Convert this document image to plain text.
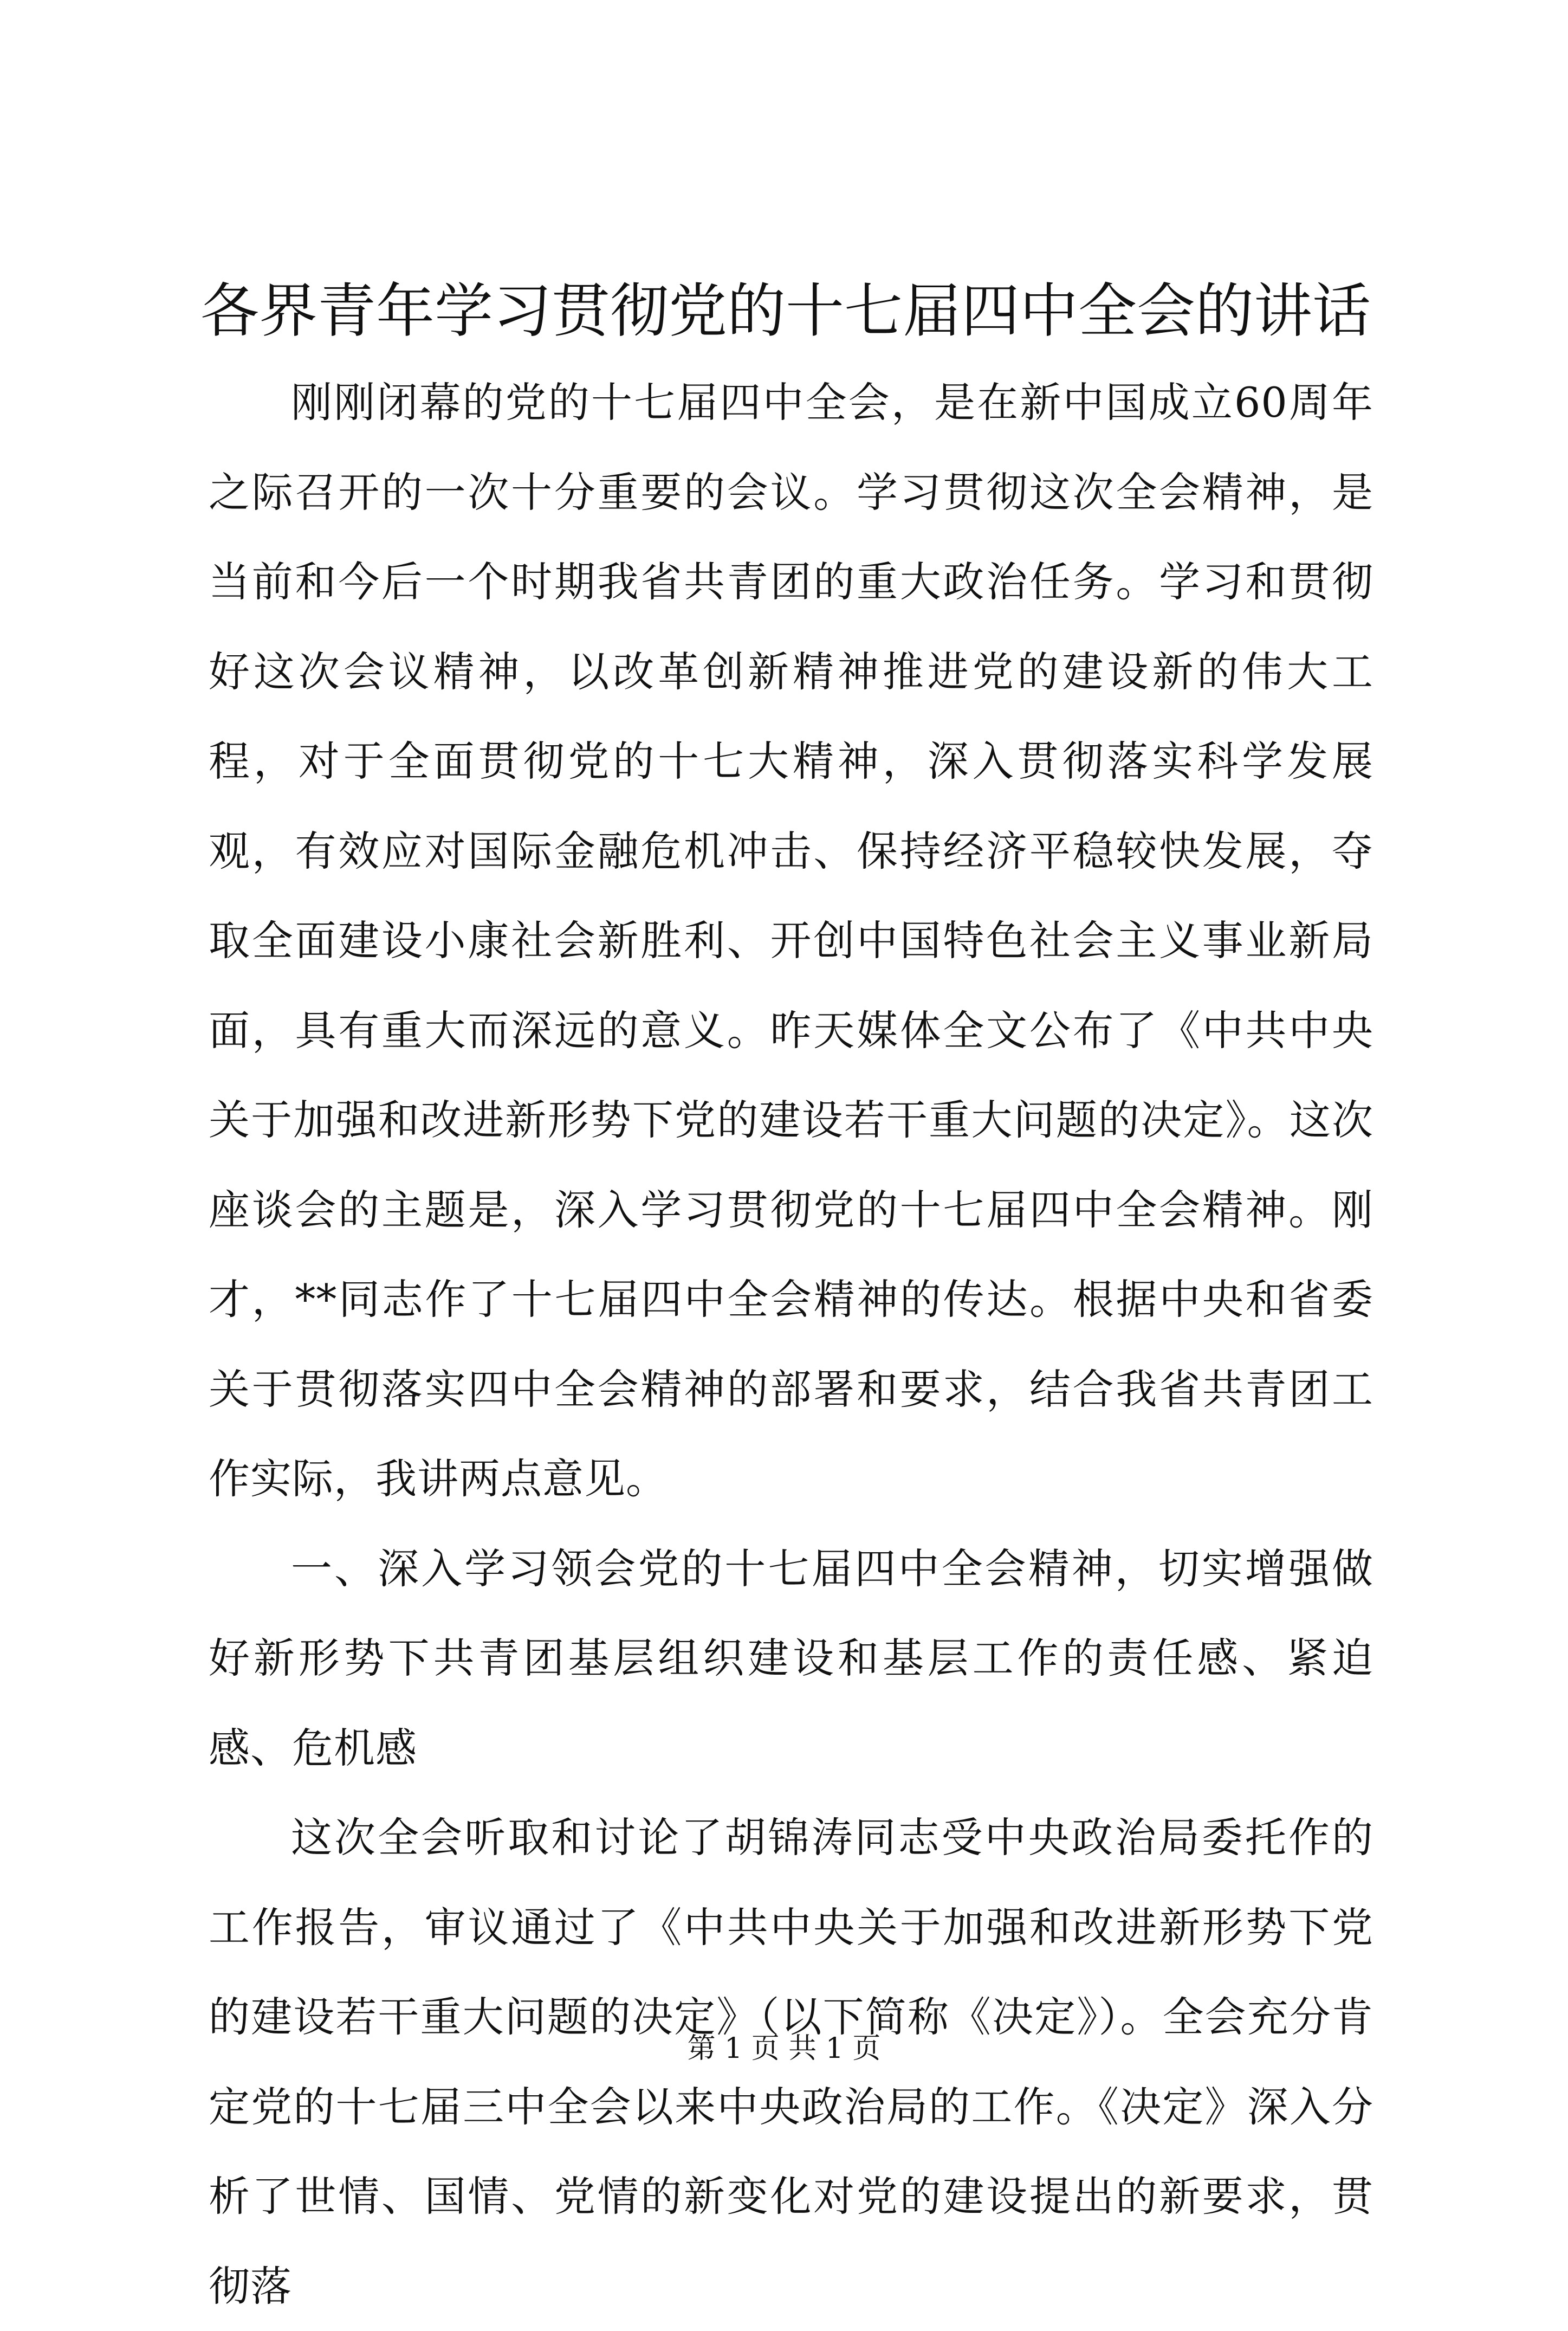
各界青年学习贯彻党的十七届四中全会的讲话

刚刚闭幕的党的十七届四中全会，是在新中国成立60周年之际召开的一次十分重要的会议。学习贯彻这次全会精神，是当前和今后一个时期我省共青团的重大政治任务。学习和贯彻好这次会议精神，以改革创新精神推进党的建设新的伟大工程，对于全面贯彻党的十七大精神，深入贯彻落实科学发展观，有效应对国际金融危机冲击、保持经济平稳较快发展，夺取全面建设小康社会新胜利、开创中国特色社会主义事业新局面，具有重大而深远的意义。昨天媒体全文公布了《中共中央关于加强和改进新形势下党的建设若干重大问题的决定》。这次座谈会的主题是，深入学习贯彻党的十七届四中全会精神。刚才，**同志作了十七届四中全会精神的传达。根据中央和省委关于贯彻落实四中全会精神的部署和要求，结合我省共青团工作实际，我讲两点意见。

一、深入学习领会党的十七届四中全会精神，切实增强做好新形势下共青团基层组织建设和基层工作的责任感、紧迫感、危机感

这次全会听取和讨论了胡锦涛同志受中央政治局委托作的工作报告，审议通过了《中共中央关于加强和改进新形势下党的建设若干重大问题的决定》（以下简称《决定》）。全会充分肯定党的十七届三中全会以来中央政治局的工作。《决定》深入分析了世情、国情、党情的新变化对党的建设提出的新要求，贯彻落

第 1 页 共 1 页
